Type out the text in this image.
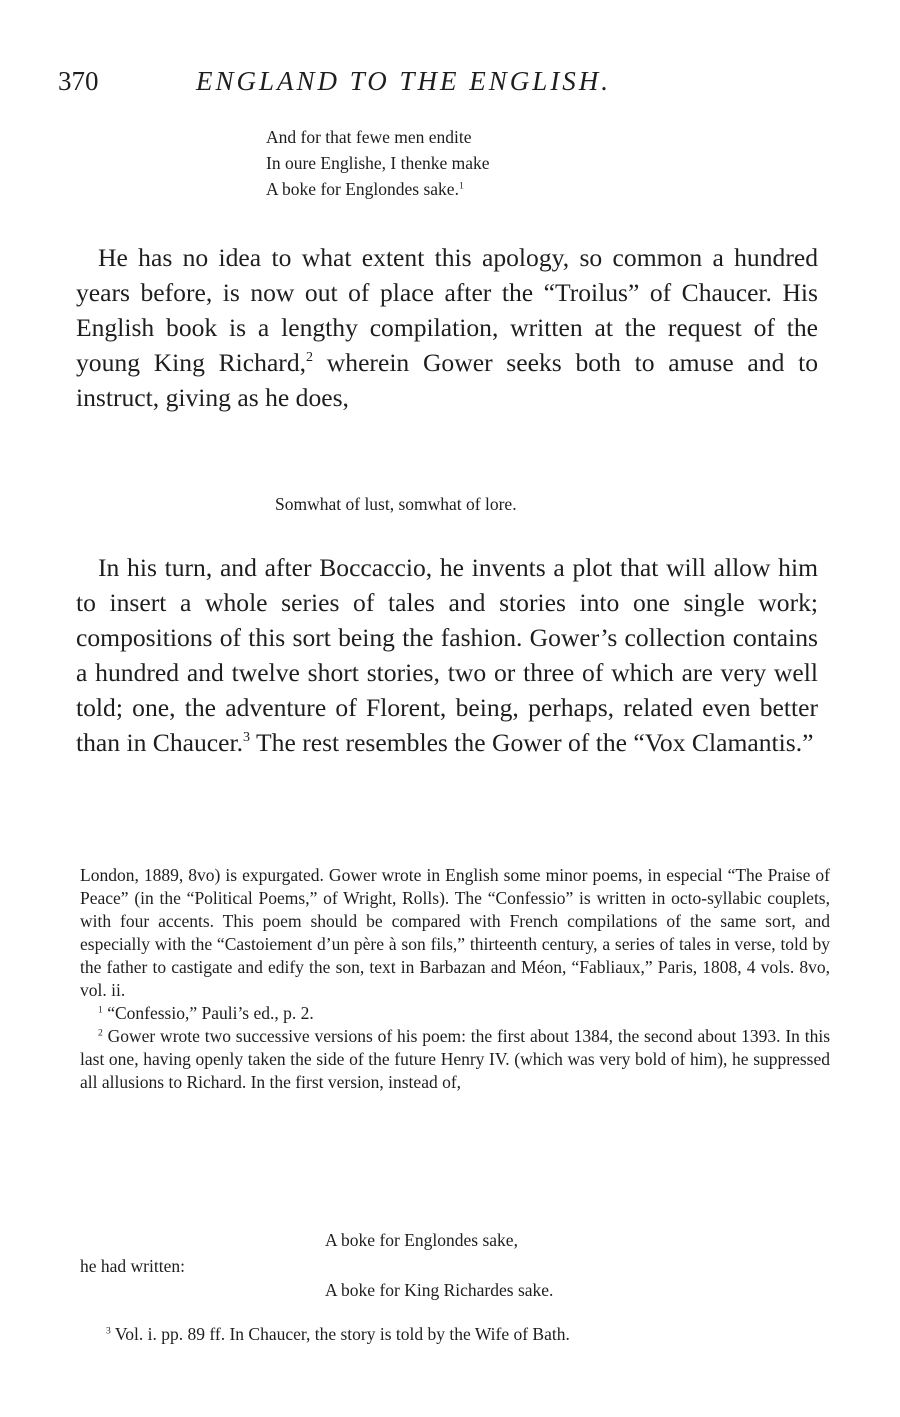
370	ENGLAND TO THE ENGLISH.
And for that fewe men endite
In oure Englishe, I thenke make
A boke for Englondes sake.$^1$

He has no idea to what extent this apology, so common a hundred years before, is now out of place after the “Troilus” of Chaucer. His English book is a lengthy compilation, written at the request of the young King Richard,$^2$ wherein Gower seeks both to amuse and to instruct, giving as he does,

Somwhat of lust, somwhat of lore.

In his turn, and after Boccaccio, he invents a plot that will allow him to insert a whole series of tales and stories into one single work; compositions of this sort being the fashion. Gower’s collection contains a hundred and twelve short stories, two or three of which are very well told; one, the adventure of Florent, being, perhaps, related even better than in Chaucer.$^3$ The rest resembles the Gower of the “Vox Clamantis.”

London, 1889, 8vo) is expurgated. Gower wrote in English some minor poems, in especial “The Praise of Peace” (in the “Political Poems,” of Wright, Rolls). The “Confessio” is written in octo-syllabic couplets, with four accents. This poem should be compared with French compilations of the same sort, and especially with the “Castoiement d’un père à son fils,” thirteenth century, a series of tales in verse, told by the father to castigate and edify the son, text in Barbazan and Méon, “Fabliaux,” Paris, 1808, 4 vols. 8vo, vol. ii.

$^1$ “Confessio,” Pauli’s ed., p. 2.

$^2$ Gower wrote two successive versions of his poem: the first about 1384, the second about 1393. In this last one, having openly taken the side of the future Henry IV. (which was very bold of him), he suppressed all allusions to Richard. In the first version, instead of,

A boke for Englondes sake,
he had written:
A boke for King Richardes sake.
$^3$ Vol. i. pp. 89 ff. In Chaucer, the story is told by the Wife of Bath.
